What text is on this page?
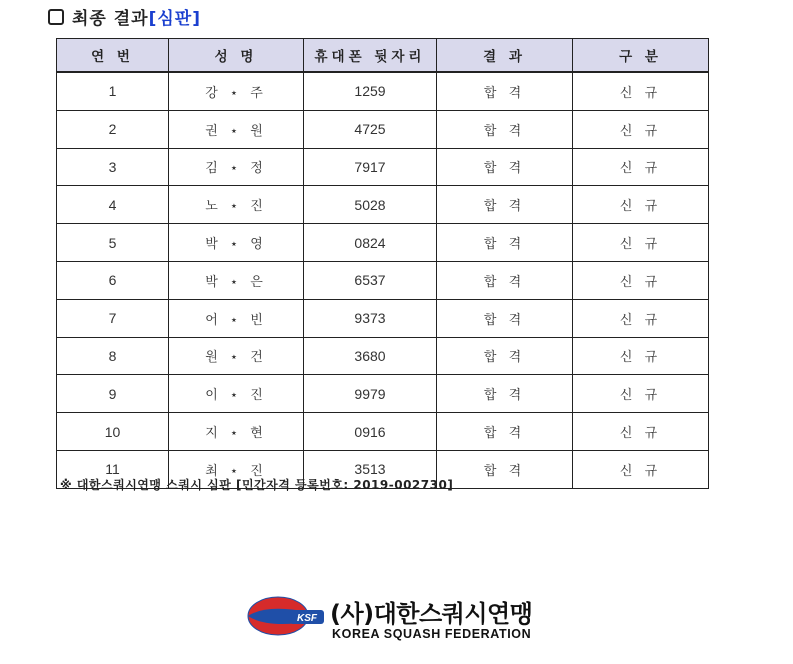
최종 결과[심판]
연 번	성 명	휴대폰 뒷자리	결 과	구 분
1	강 ⋆ 주	1259	합 격	신 규
2	권 ⋆ 원	4725	합 격	신 규
3	김 ⋆ 정	7917	합 격	신 규
4	노 ⋆ 진	5028	합 격	신 규
5	박 ⋆ 영	0824	합 격	신 규
6	박 ⋆ 은	6537	합 격	신 규
7	어 ⋆ 빈	9373	합 격	신 규
8	원 ⋆ 건	3680	합 격	신 규
9	이 ⋆ 진	9979	합 격	신 규
10	지 ⋆ 현	0916	합 격	신 규
11	최 ⋆ 진	3513	합 격	신 규
※ 대한스쿼시연맹 스쿼시 심판 [민간자격 등록번호: 2019-002730]
KSF (사)대한스쿼시연맹
KOREA SQUASH FEDERATION
